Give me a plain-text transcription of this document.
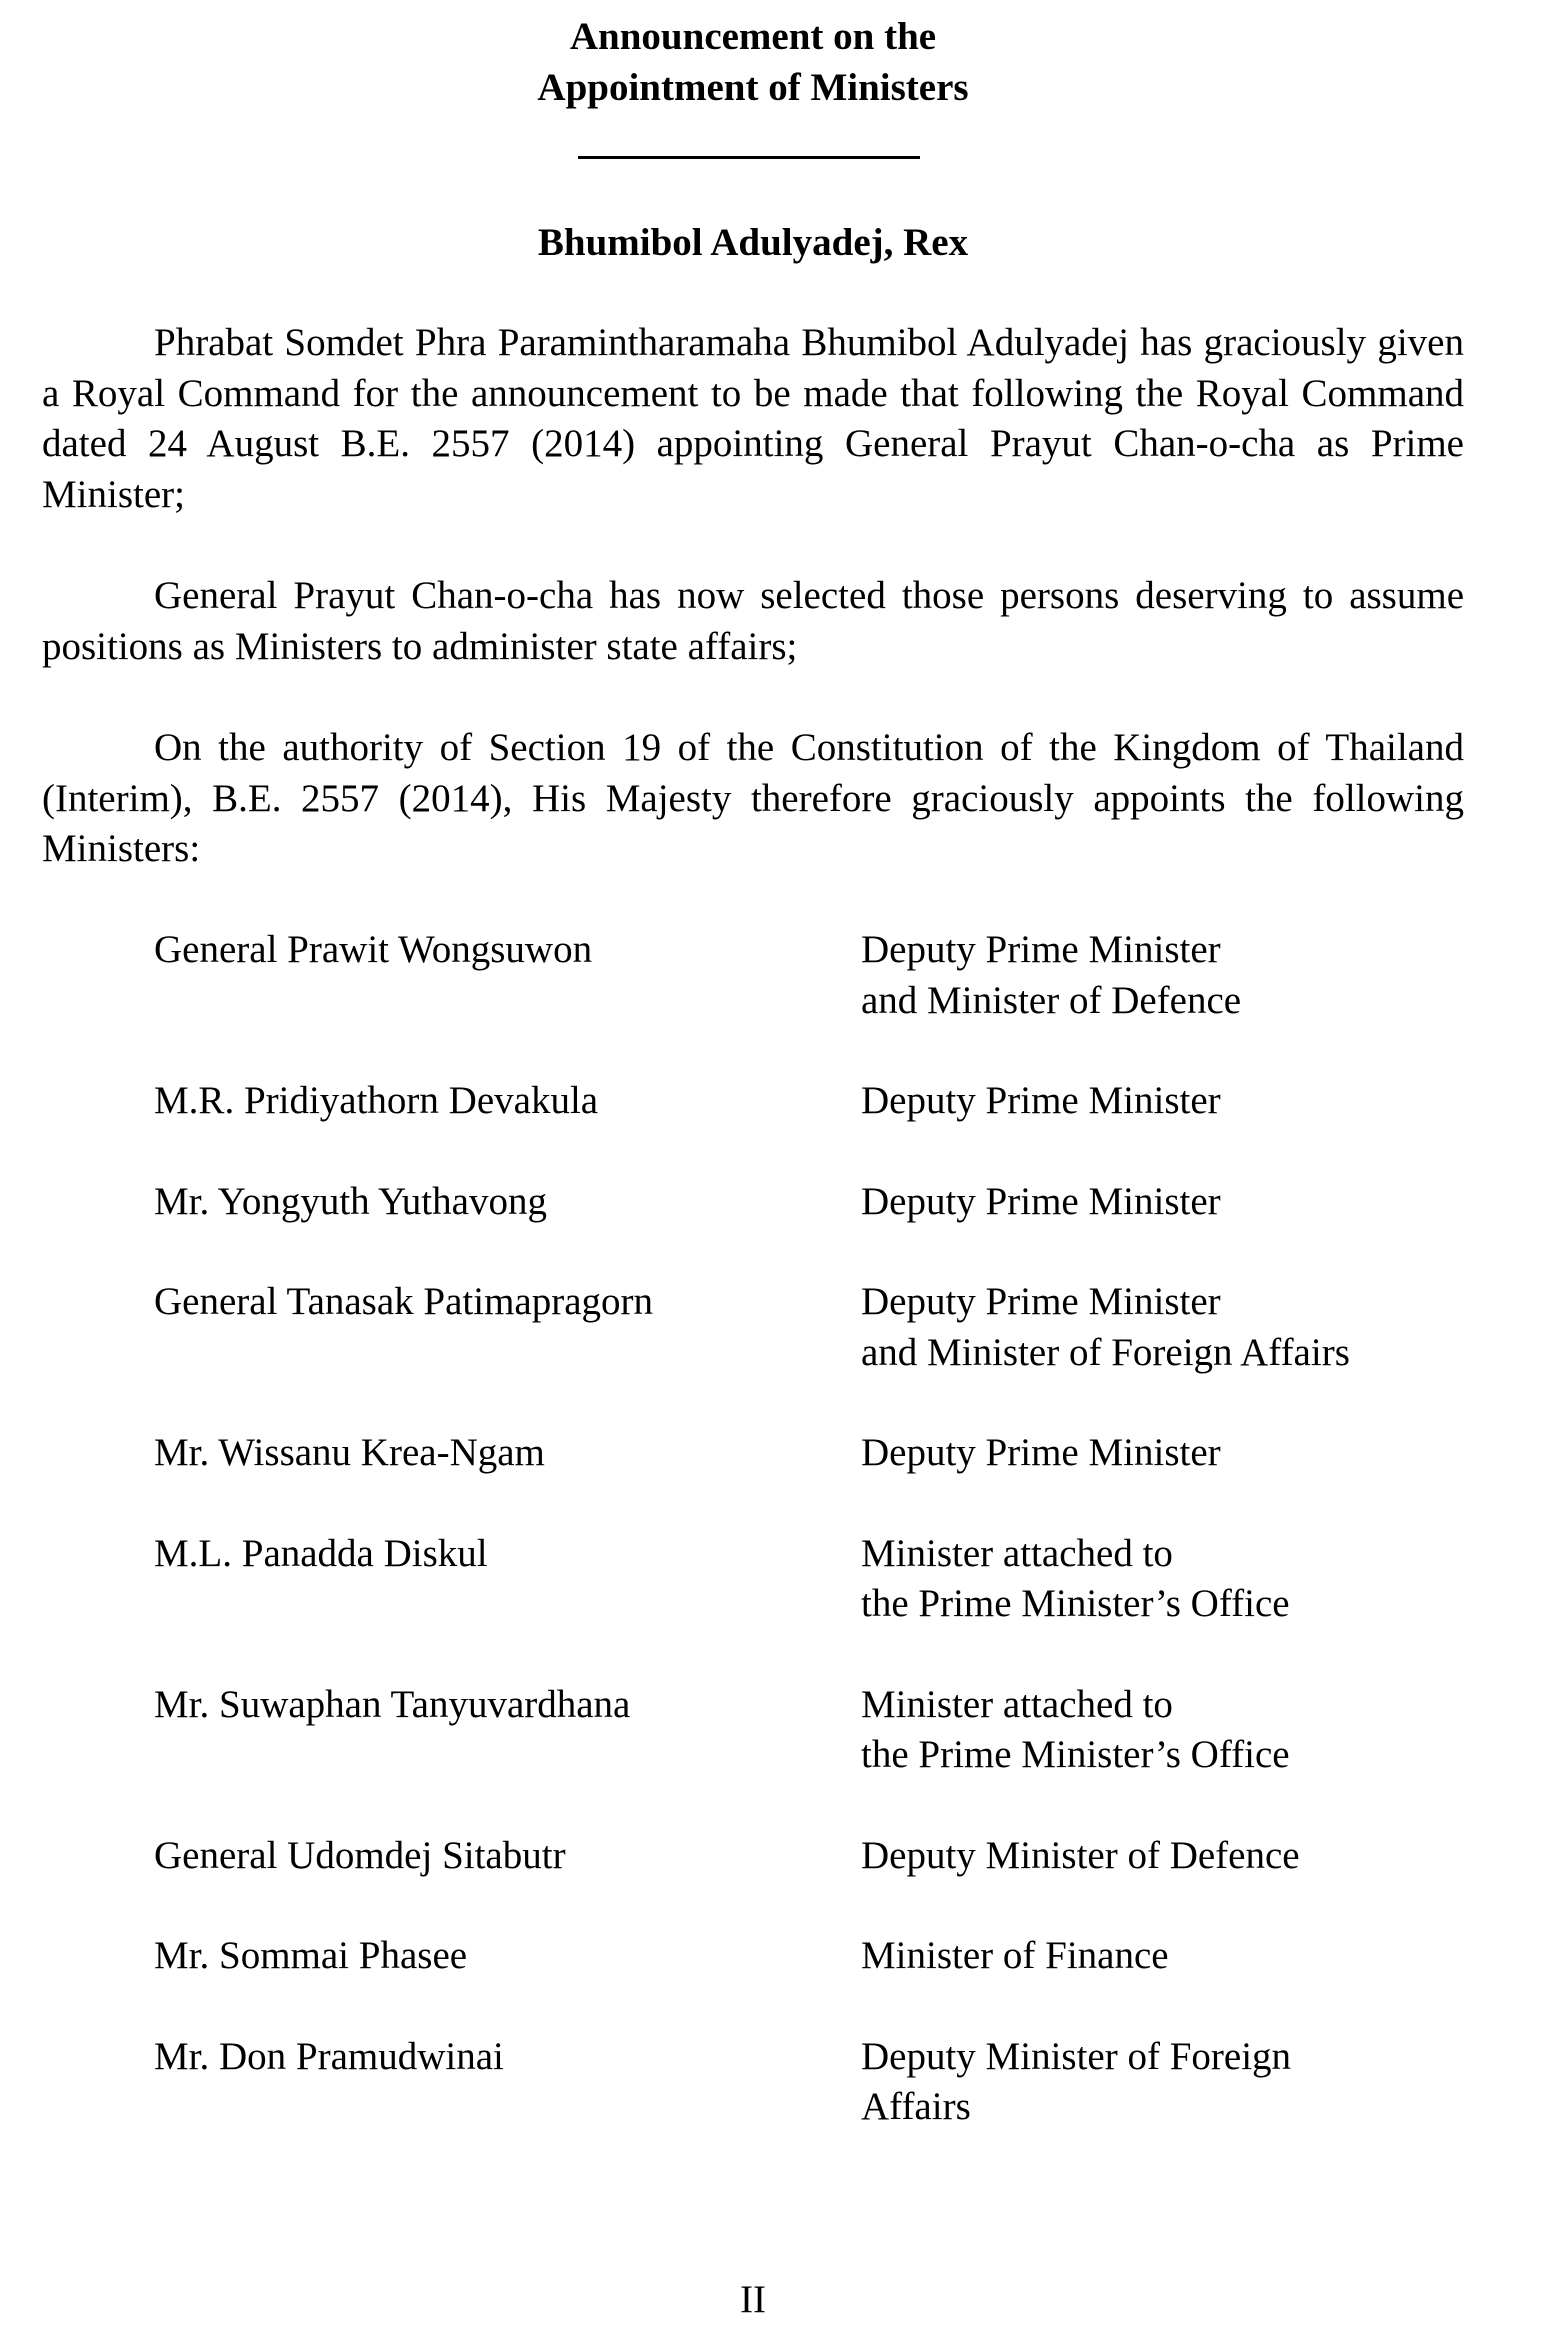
Announcement on the
Appointment of Ministers
Bhumibol Adulyadej, Rex
Phrabat Somdet Phra Paramintharamaha Bhumibol Adulyadej has graciously given a Royal Command for the announcement to be made that following the Royal Command dated 24 August B.E. 2557 (2014) appointing General Prayut Chan-o-cha as Prime Minister;
General Prayut Chan-o-cha has now selected those persons deserving to assume positions as Ministers to administer state affairs;
On the authority of Section 19 of the Constitution of the Kingdom of Thailand (Interim), B.E. 2557 (2014), His Majesty therefore graciously appoints the following Ministers:
General Prawit Wongsuwon	Deputy Prime Minister
and Minister of Defence
M.R. Pridiyathorn Devakula	Deputy Prime Minister
Mr. Yongyuth Yuthavong	Deputy Prime Minister
General Tanasak Patimapragorn	Deputy Prime Minister
and Minister of Foreign Affairs
Mr. Wissanu Krea-Ngam	Deputy Prime Minister
M.L. Panadda Diskul	Minister attached to
the Prime Minister’s Office
Mr. Suwaphan Tanyuvardhana	Minister attached to
the Prime Minister’s Office
General Udomdej Sitabutr	Deputy Minister of Defence
Mr. Sommai Phasee	Minister of Finance
Mr. Don Pramudwinai	Deputy Minister of Foreign
Affairs
II
